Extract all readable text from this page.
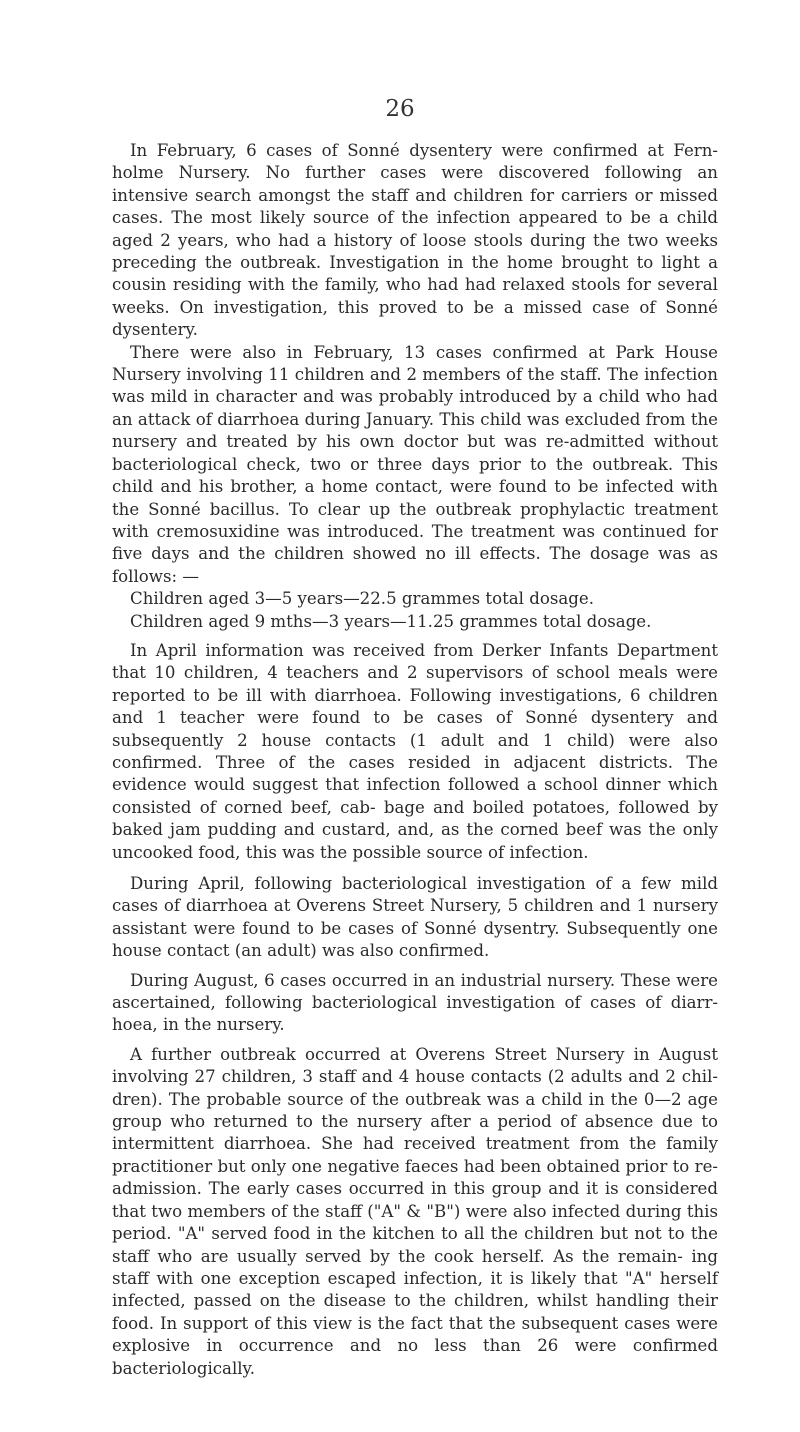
26

In February, 6 cases of Sonné dysentery were confirmed at Fern- holme Nursery. No further cases were discovered following an intensive search amongst the staff and children for carriers or missed cases. The most likely source of the infection appeared to be a child aged 2 years, who had a history of loose stools during the two weeks preceding the outbreak. Investigation in the home brought to light a cousin residing with the family, who had had relaxed stools for several weeks. On investigation, this proved to be a missed case of Sonné dysentery.

There were also in February, 13 cases confirmed at Park House Nursery involving 11 children and 2 members of the staff. The infection was mild in character and was probably introduced by a child who had an attack of diarrhoea during January. This child was excluded from the nursery and treated by his own doctor but was re-admitted without bacteriological check, two or three days prior to the outbreak. This child and his brother, a home contact, were found to be infected with the Sonné bacillus. To clear up the outbreak prophylactic treatment with cremosuxidine was introduced. The treatment was continued for five days and the children showed no ill effects. The dosage was as follows: —

Children aged 3—5 years—22.5 grammes total dosage.

Children aged 9 mths—3 years—11.25 grammes total dosage.

In April information was received from Derker Infants Department that 10 children, 4 teachers and 2 supervisors of school meals were reported to be ill with diarrhoea. Following investigations, 6 children and 1 teacher were found to be cases of Sonné dysentery and subsequently 2 house contacts (1 adult and 1 child) were also confirmed. Three of the cases resided in adjacent districts. The evidence would suggest that infection followed a school dinner which consisted of corned beef, cab- bage and boiled potatoes, followed by baked jam pudding and custard, and, as the corned beef was the only uncooked food, this was the possible source of infection.

During April, following bacteriological investigation of a few mild cases of diarrhoea at Overens Street Nursery, 5 children and 1 nursery assistant were found to be cases of Sonné dysentry. Subsequently one house contact (an adult) was also confirmed.

During August, 6 cases occurred in an industrial nursery. These were ascertained, following bacteriological investigation of cases of diarr- hoea, in the nursery.

A further outbreak occurred at Overens Street Nursery in August involving 27 children, 3 staff and 4 house contacts (2 adults and 2 chil- dren). The probable source of the outbreak was a child in the 0—2 age group who returned to the nursery after a period of absence due to intermittent diarrhoea. She had received treatment from the family practitioner but only one negative faeces had been obtained prior to re-admission. The early cases occurred in this group and it is considered that two members of the staff ("A" & "B") were also infected during this period. "A" served food in the kitchen to all the children but not to the staff who are usually served by the cook herself. As the remain- ing staff with one exception escaped infection, it is likely that "A" herself infected, passed on the disease to the children, whilst handling their food. In support of this view is the fact that the subsequent cases were explosive in occurrence and no less than 26 were confirmed bacteriologically.
